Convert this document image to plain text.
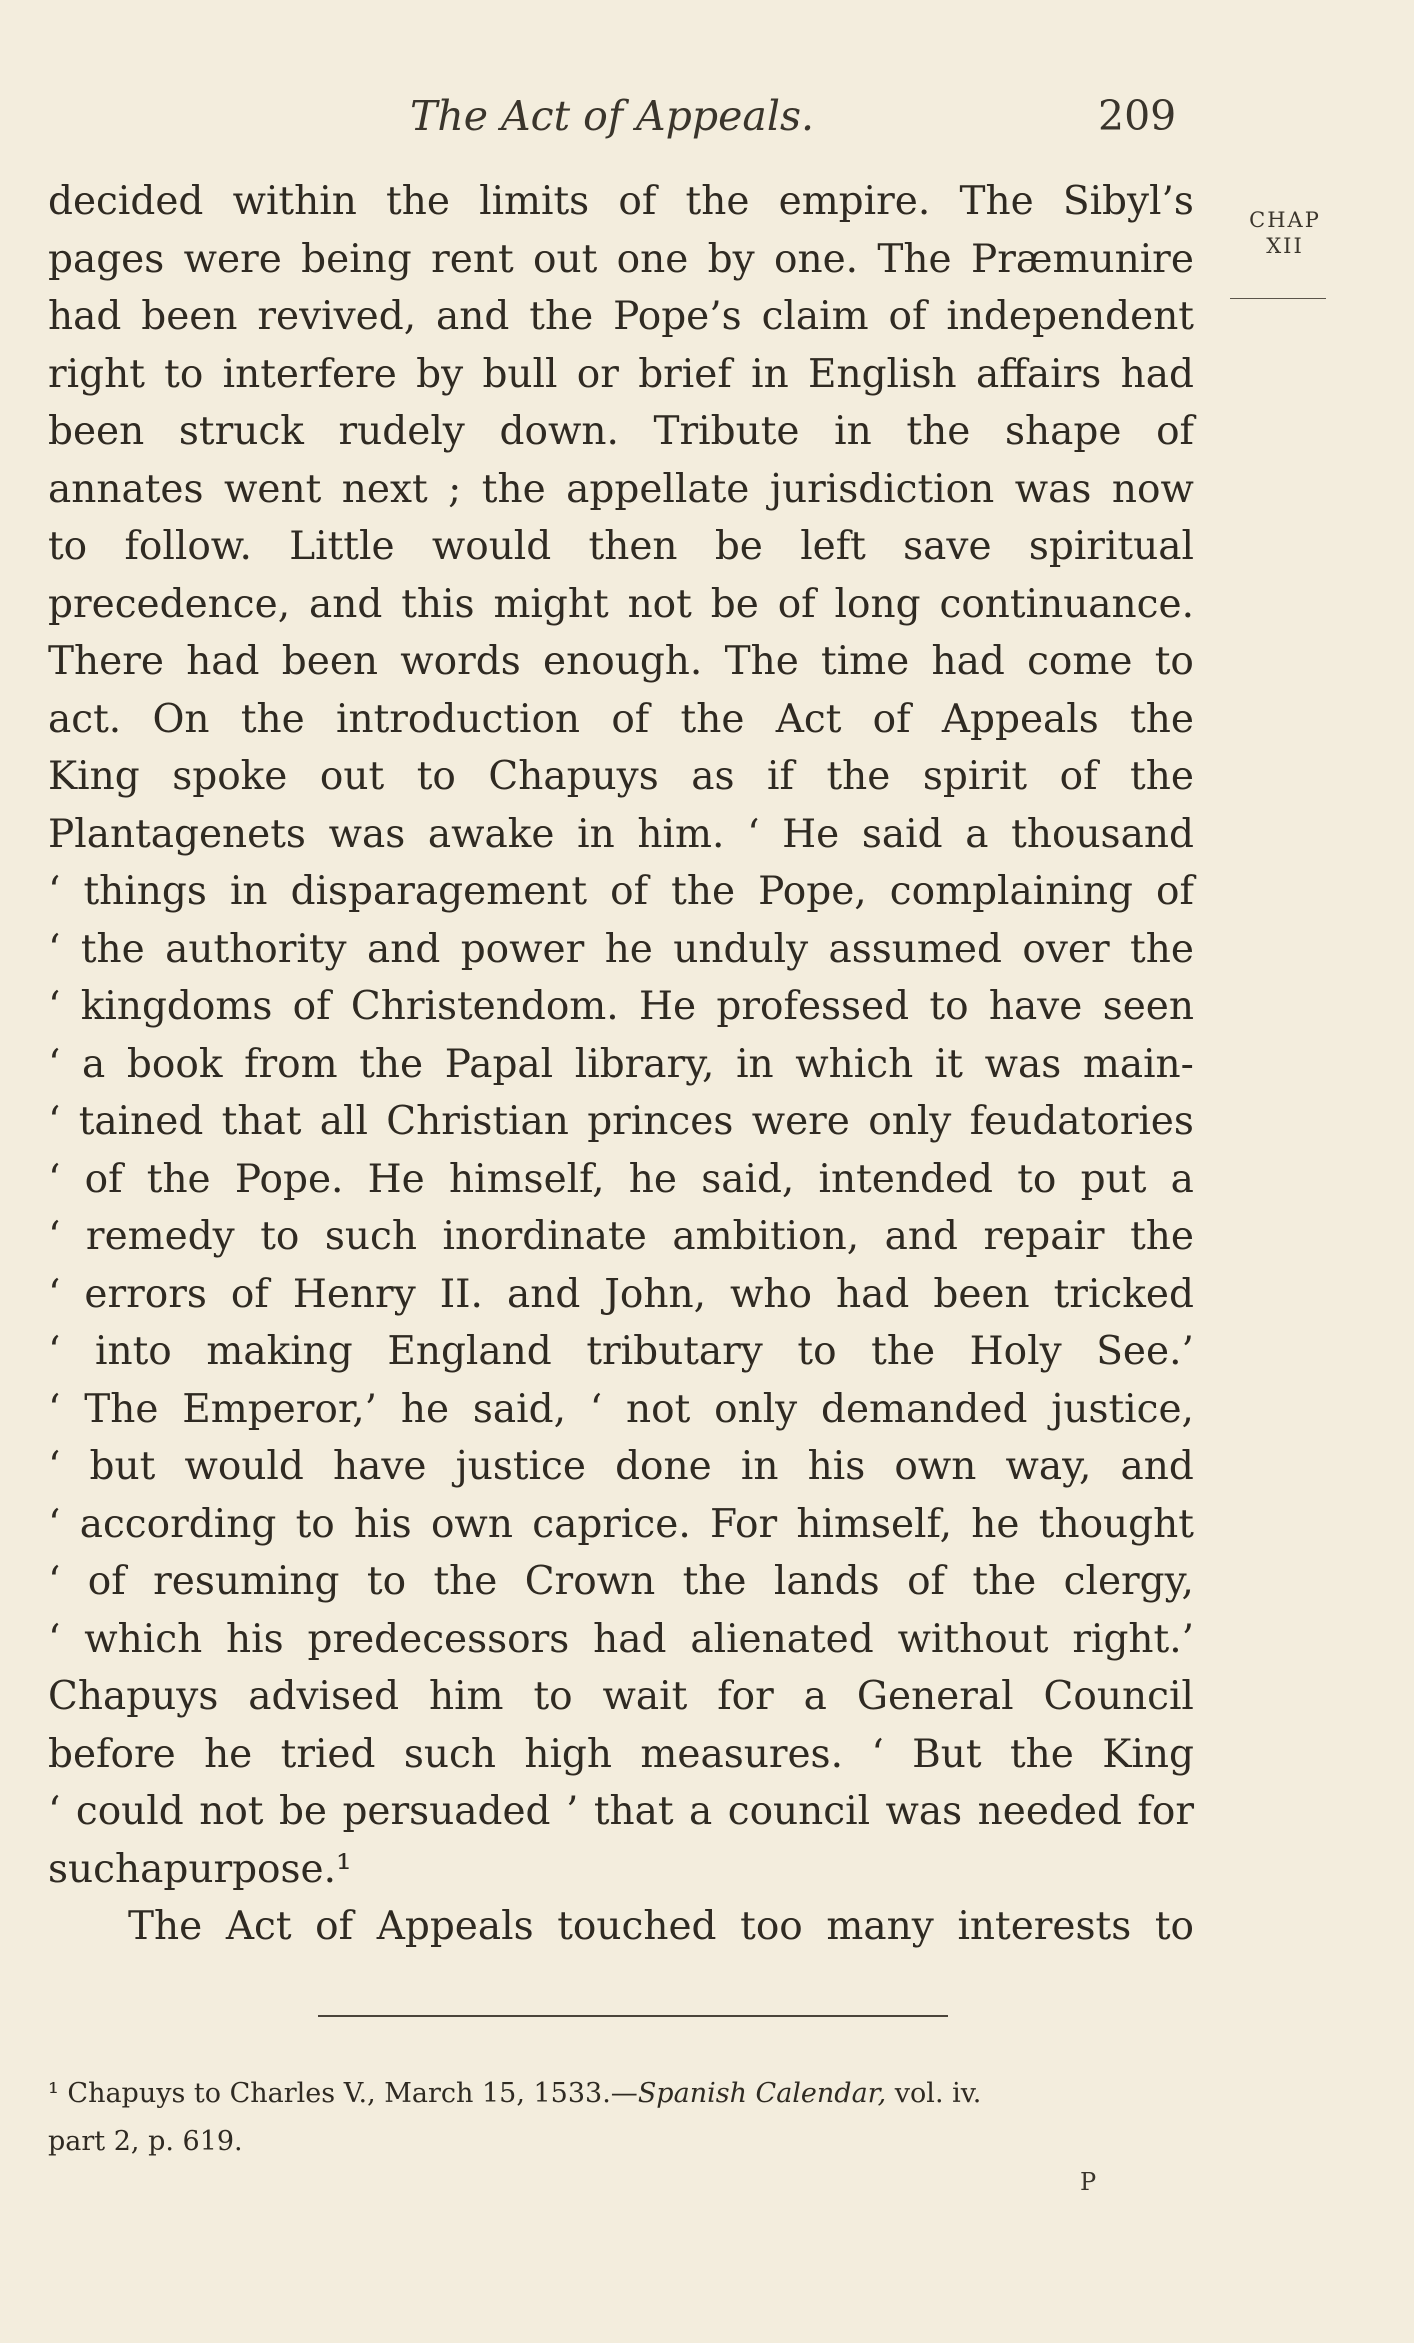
The Act of Appeals.	209
CHAP
XII
decided within the limits of the empire. The Sibyl’s
pages were being rent out one by one. The Præmunire
had been revived, and the Pope’s claim of independent
right to interfere by bull or brief in English affairs had
been struck rudely down. Tribute in the shape of
annates went next ; the appellate jurisdiction was now
to follow. Little would then be left save spiritual
precedence, and this might not be of long continuance.
There had been words enough. The time had come to
act. On the introduction of the Act of Appeals the
King spoke out to Chapuys as if the spirit of the
Plantagenets was awake in him. ‘ He said a thousand
‘ things in disparagement of the Pope, complaining of
‘ the authority and power he unduly assumed over the
‘ kingdoms of Christendom. He professed to have seen
‘ a book from the Papal library, in which it was main-
‘ tained that all Christian princes were only feudatories
‘ of the Pope. He himself, he said, intended to put a
‘ remedy to such inordinate ambition, and repair the
‘ errors of Henry II. and John, who had been tricked
‘ into making England tributary to the Holy See.’
‘ The Emperor,’ he said, ‘ not only demanded justice,
‘ but would have justice done in his own way, and
‘ according to his own caprice. For himself, he thought
‘ of resuming to the Crown the lands of the clergy,
‘ which his predecessors had alienated without right.’
Chapuys advised him to wait for a General Council
before he tried such high measures. ‘ But the King
‘ could not be persuaded ’ that a council was needed for
such a purpose.¹
The Act of Appeals touched too many interests to
¹ Chapuys to Charles V., March 15, 1533.—Spanish Calendar, vol. iv.
part 2, p. 619.
P
